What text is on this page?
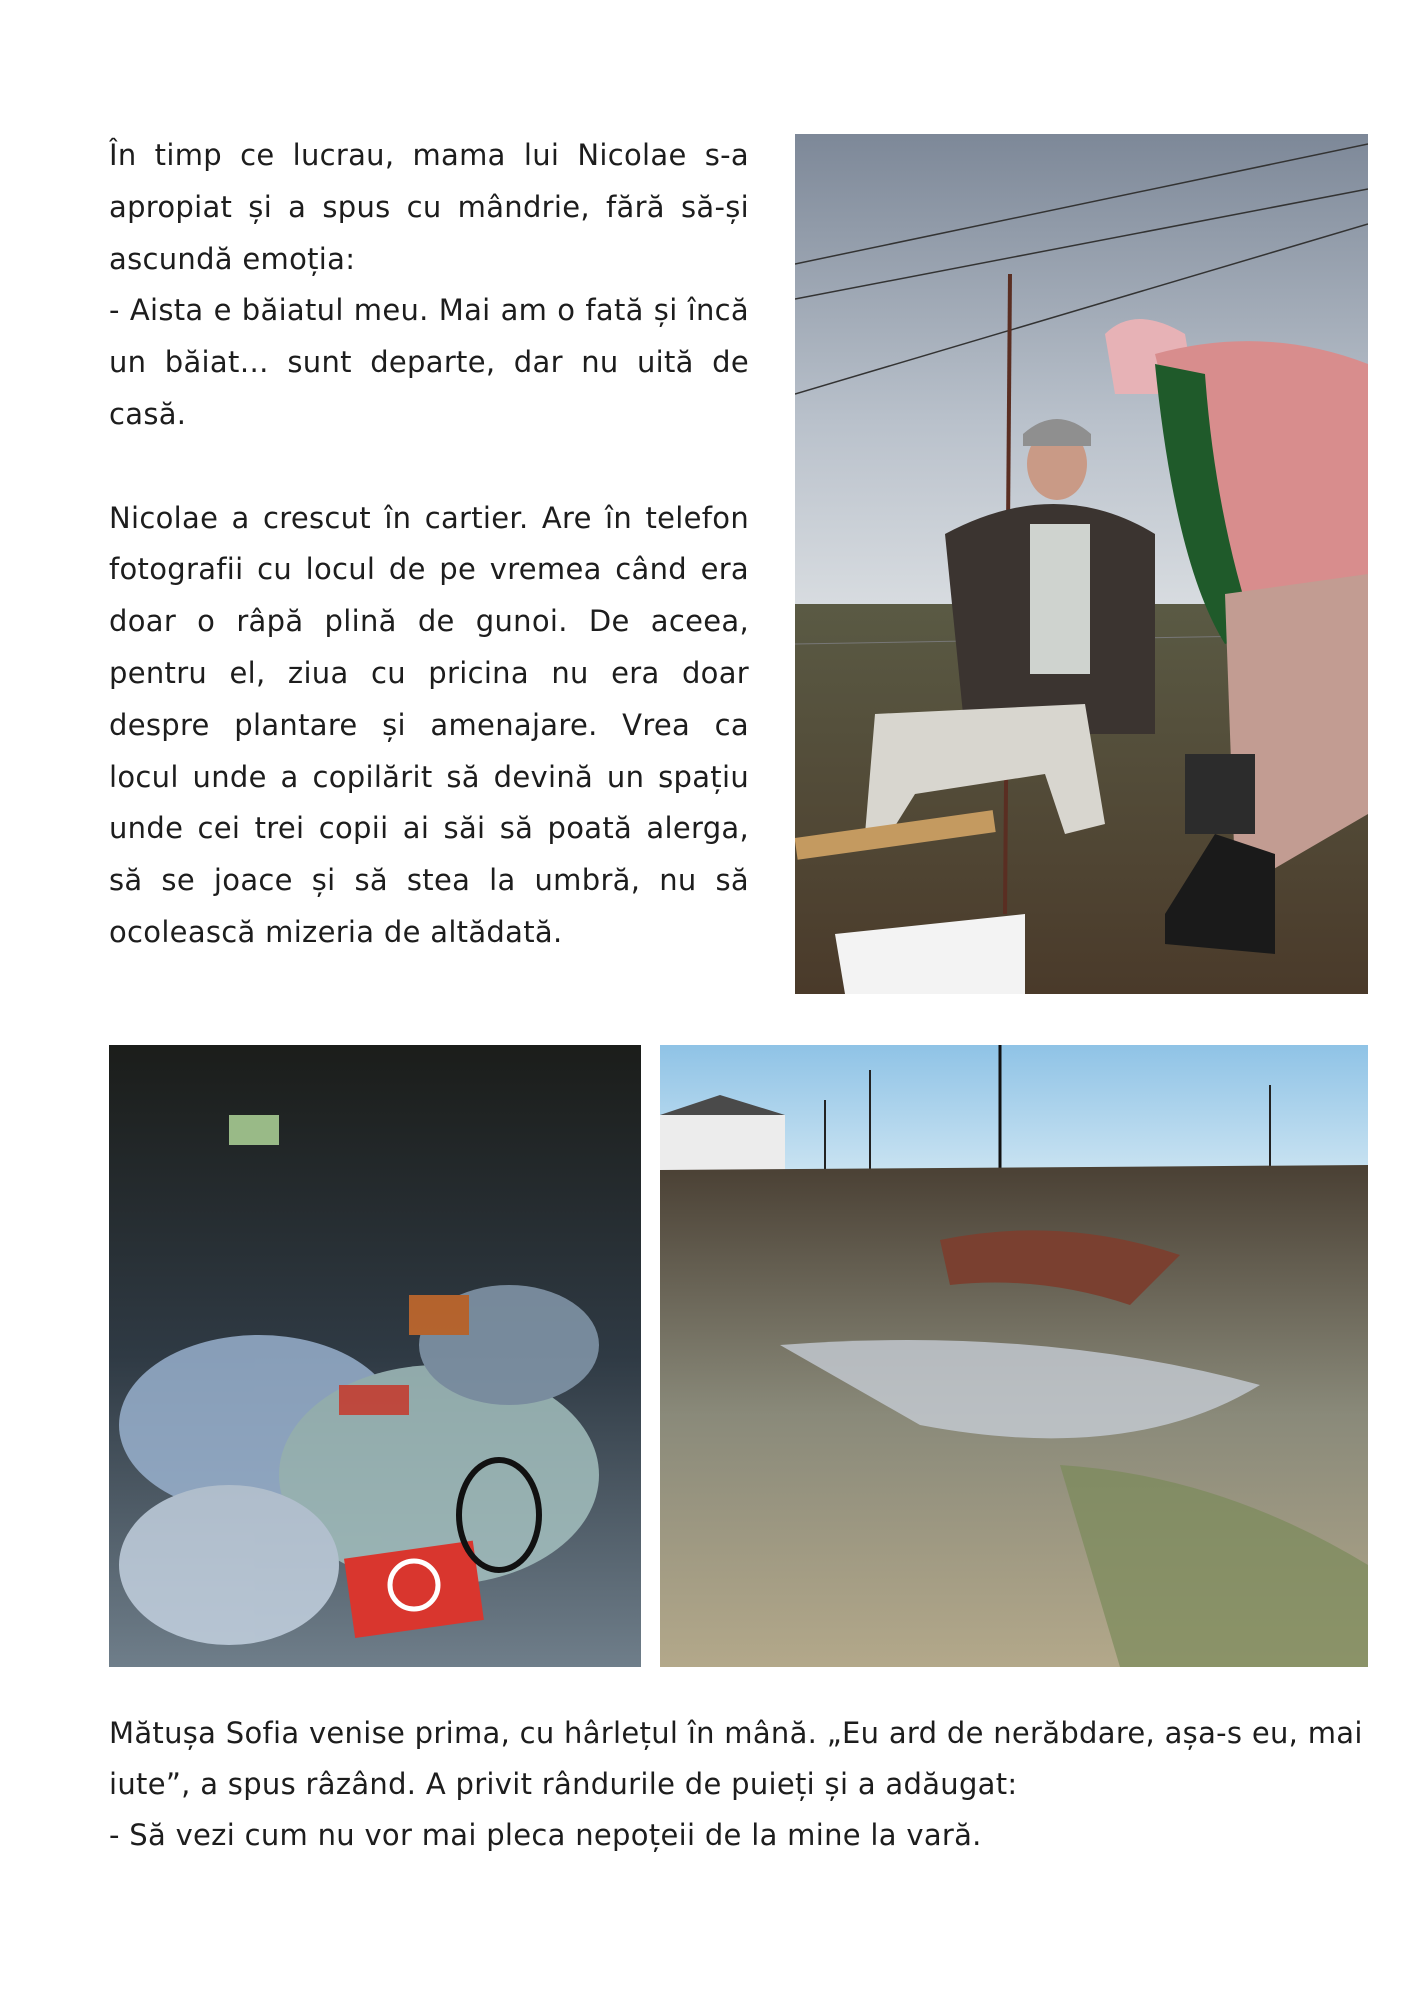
În timp ce lucrau, mama lui Nicolae s-a apropiat și a spus cu mândrie, fără să-și ascundă emoția:

- Aista e băiatul meu. Mai am o fată și încă un băiat… sunt departe, dar nu uită de casă.

Nicolae a crescut în cartier. Are în telefon fotografii cu locul de pe vremea când era doar o râpă plină de gunoi. De aceea, pentru el, ziua cu pricina nu era doar despre plantare și amenajare. Vrea ca locul unde a copilărit să devină un spațiu unde cei trei copii ai săi să poată alerga, să se joace și să stea la umbră, nu să ocolească mizeria de altădată.

Mătușa Sofia venise prima, cu hârlețul în mână. „Eu ard de nerăbdare, așa-s eu, mai iute”, a spus râzând. A privit rândurile de puieți și a adăugat:

- Să vezi cum nu vor mai pleca nepoțeii de la mine la vară.
